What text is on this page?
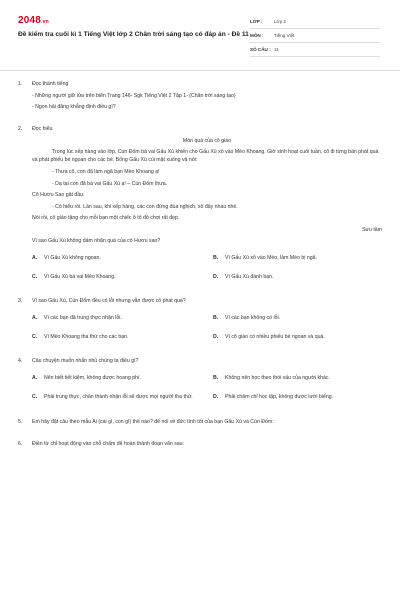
2048.vn
Đề kiểm tra cuối kì 1 Tiếng Việt lớp 2 Chân trời sáng tạo có đáp án - Đề 11
LỚP :	Lớp 2
MÔN :	Tiếng Việt
SỐ CÂU : 11
1.	Đọc thành tiếng
- Những người giữ lửa trên biển Trang 146- Sgk Tiếng Việt 2 Tập 1- (Chân trời sáng tạo)
- Ngọn hải đăng khẳng định điều gì?
2.	Đọc hiểu
Món quà của cô giáo
Trong lúc xếp hàng vào lớp, Cún Đốm bá vai Gấu Xù khiến cho Gấu Xù xô vào Mèo Khoang. Giờ sinh hoạt cuối tuần, cô đi từng bàn phát quà và phát phiếu bé ngoan cho các bé. Bống Gấu Xù cúi mặt xuống và nói:
- Thưa cô, con đã làm ngã bạn Mèo Khoang ạ!
- Dạ tại con đã bá vai Gấu Xù ạ! – Cún Đốm thưa.
Cô Hươu Sao gật đầu:
- Cô hiểu rồi. Lần sau, khi xếp hàng, các con đừng đùa nghịch, xô đẩy nhau nhé.
Nói rồi, cô giáo tặng cho mỗi bạn một chiếc ô tô đồ chơi rất đẹp.
Sưu tầm
Vì sao Gấu Xù không dám nhận quà của cô Hươu sao?
A.	Vì Gấu Xù không ngoan.	B.	Vì Gấu Xù xô vào Mèo, làm Mèo bị ngã.
C.	Vì Gấu Xù bá vai Mèo Khoang.	D.	Vì Gấu Xù đánh bạn.
3.	Vì sao Gấu Xù, Cún Đốm đều có lỗi nhưng vẫn được cô phát quà?
A.	Vì các bạn đã trung thực nhận lỗi.	B.	Vì các bạn không có lỗi.
C.	Vì Mèo Khoang tha thứ cho các bạn.	D.	Vì cô giáo có nhiều phiếu bé ngoan và quà.
4.	Câu chuyện muốn nhắn nhủ chúng ta điều gì?
A.	Nên biết tiết kiệm, không được hoang phí.	B.	Không nên học theo thói xấu của người khác.
C.	Phải trung thực, chân thành nhận lỗi sẽ được mọi người tha thứ.	D.	Phải chăm chỉ học tập, không được lười biếng.
5.	Em hãy đặt câu theo mẫu Ai (cái gì, con gì) thế nào? để nói về đức tính tốt của bạn Gấu Xù và Cún Đốm:
6.	Điền từ chỉ hoạt động vào chỗ chấm để hoàn thành đoạn văn sau:
